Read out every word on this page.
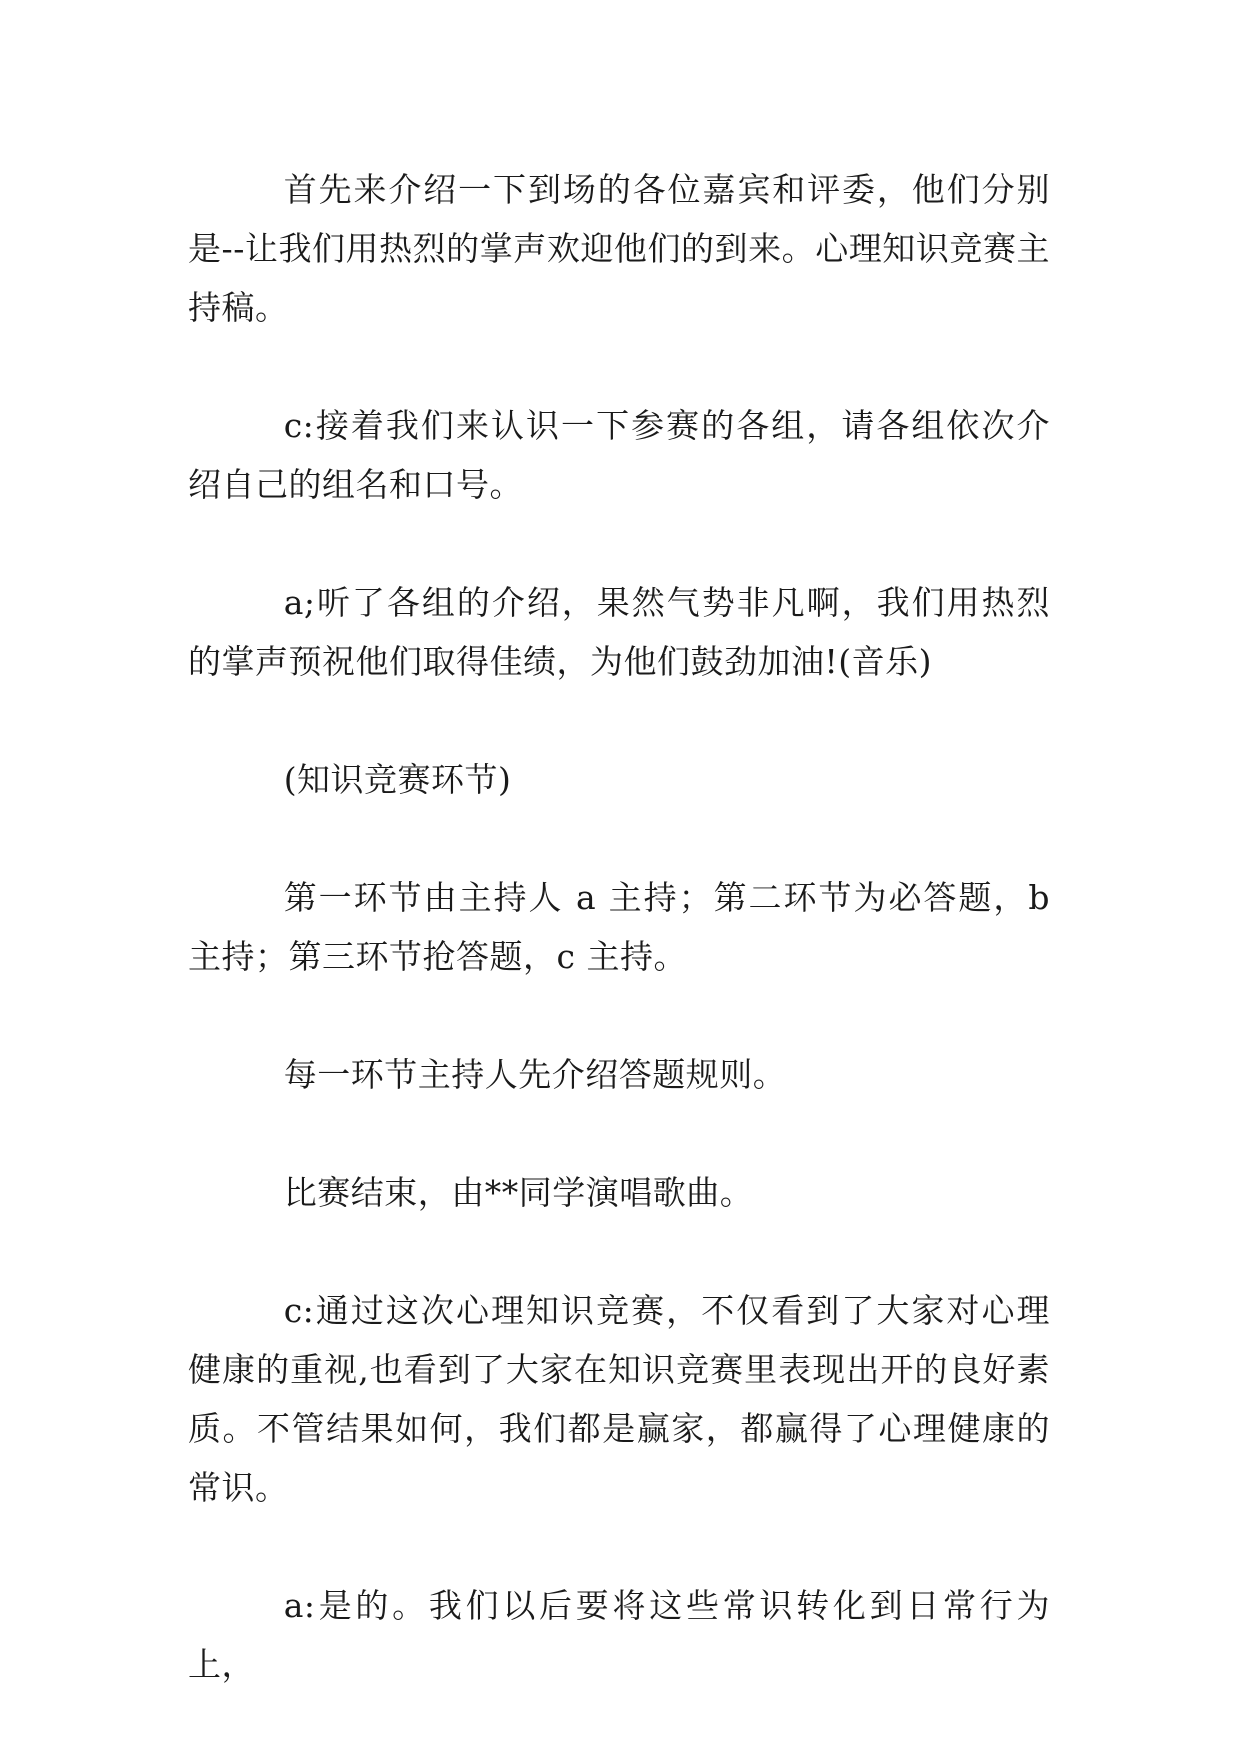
首先来介绍一下到场的各位嘉宾和评委，他们分别是--让我们用热烈的掌声欢迎他们的到来。心理知识竞赛主持稿。

c:接着我们来认识一下参赛的各组，请各组依次介绍自己的组名和口号。

a;听了各组的介绍，果然气势非凡啊，我们用热烈的掌声预祝他们取得佳绩，为他们鼓劲加油!(音乐)

(知识竞赛环节)

第一环节由主持人 a 主持；第二环节为必答题，b 主持；第三环节抢答题，c 主持。

每一环节主持人先介绍答题规则。

比赛结束，由**同学演唱歌曲。

c:通过这次心理知识竞赛，不仅看到了大家对心理健康的重视,也看到了大家在知识竞赛里表现出开的良好素质。不管结果如何，我们都是赢家，都赢得了心理健康的常识。

a:是的。我们以后要将这些常识转化到日常行为上，
